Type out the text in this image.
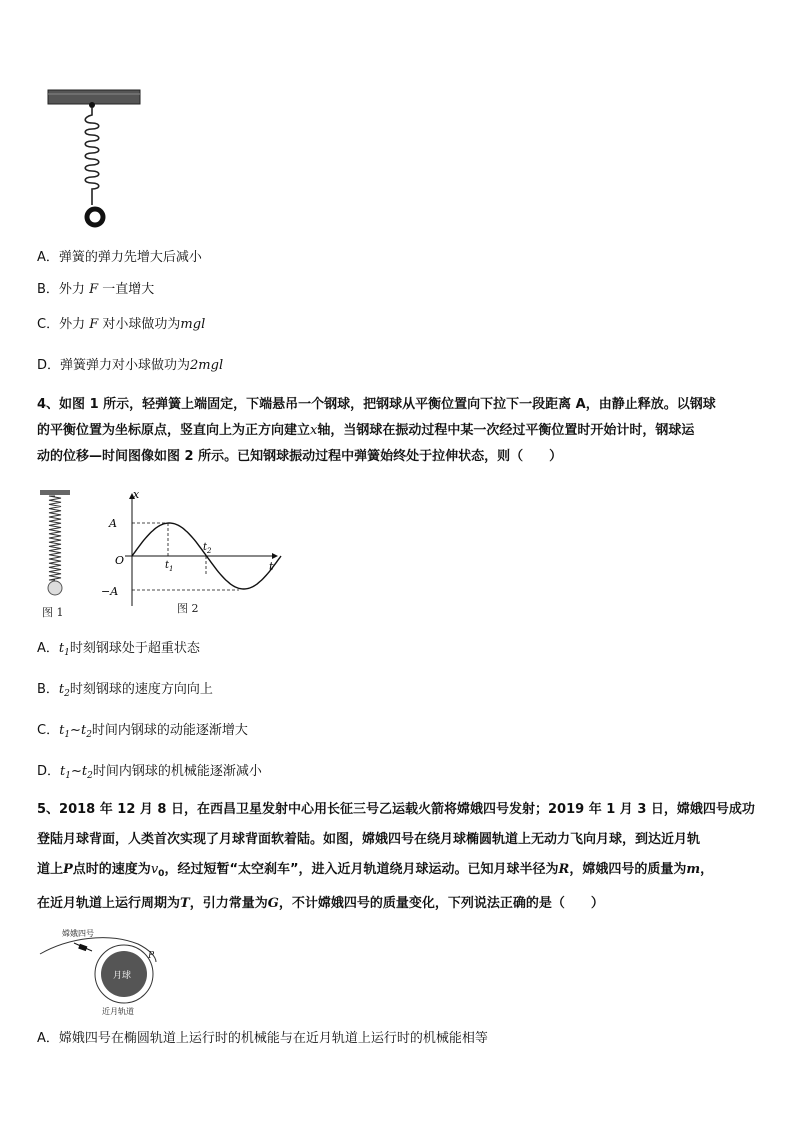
A．弹簧的弹力先增大后减小
B．外力 F 一直增大
C．外力 F 对小球做功为mgl
D．弹簧弹力对小球做功为2mgl
4、如图 1 所示，轻弹簧上端固定，下端悬吊一个钢球，把钢球从平衡位置向下拉下一段距离 A，由静止释放。以钢球
的平衡位置为坐标原点，竖直向上为正方向建立x轴，当钢球在振动过程中某一次经过平衡位置时开始计时，钢球运
动的位移—时间图像如图 2 所示。已知钢球振动过程中弹簧始终处于拉伸状态，则（　　）
图 1
x
t
O
A
−A
$t_1$
$t_2$
图 2
A．$t_1$时刻钢球处于超重状态
B．$t_2$时刻钢球的速度方向向上
C．$t_1\sim t_2$时间内钢球的动能逐渐增大
D．$t_1\sim t_2$时间内钢球的机械能逐渐减小
5、2018 年 12 月 8 日，在西昌卫星发射中心用长征三号乙运载火箭将嫦娥四号发射；2019 年 1 月 3 日，嫦娥四号成功
登陆月球背面，人类首次实现了月球背面软着陆。如图，嫦娥四号在绕月球椭圆轨道上无动力飞向月球，到达近月轨
道上P点时的速度为$v_0$，经过短暂“太空刹车”，进入近月轨道绕月球运动。已知月球半径为R，嫦娥四号的质量为m，
在近月轨道上运行周期为T，引力常量为G，不计嫦娥四号的质量变化，下列说法正确的是（　　）
月球
嫦娥四号
P
近月轨道
A．嫦娥四号在椭圆轨道上运行时的机械能与在近月轨道上运行时的机械能相等
